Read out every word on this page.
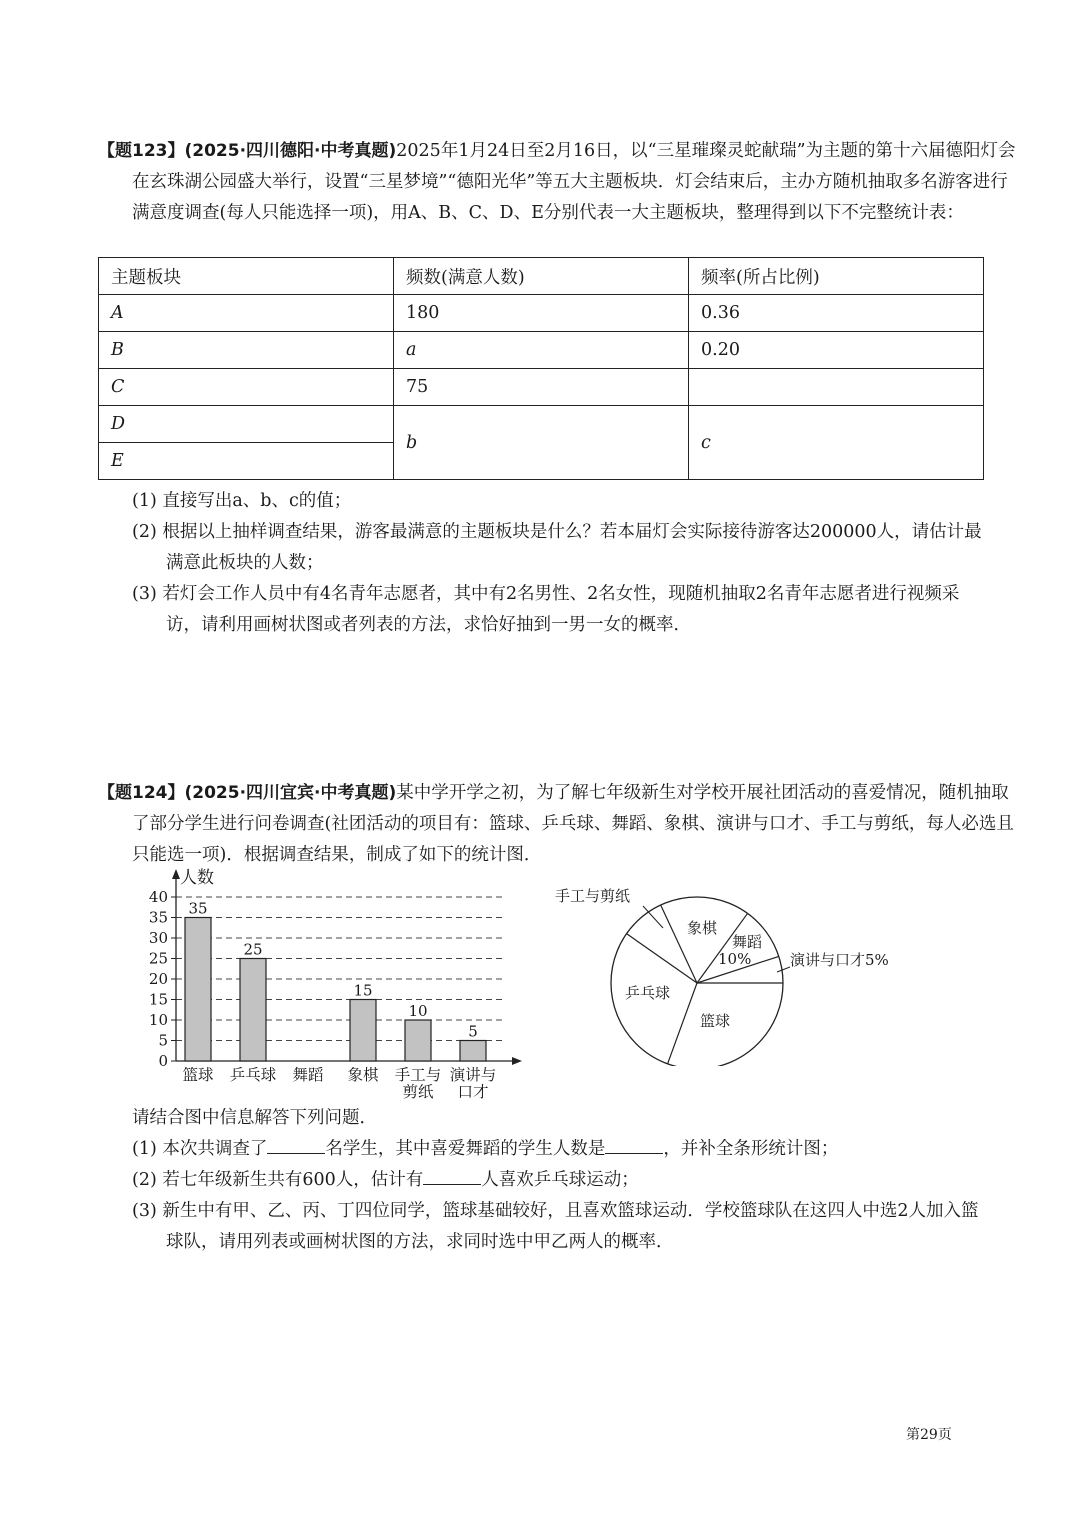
【题123】(2025·四川德阳·中考真题)2025年1月24日至2月16日，以“三星璀璨灵蛇献瑞”为主题的第十六届德阳灯会在玄珠湖公园盛大举行，设置“三星梦境”“德阳光华”等五大主题板块．灯会结束后，主办方随机抽取多名游客进行满意度调查(每人只能选择一项)，用A、B、C、D、E分别代表一大主题板块，整理得到以下不完整统计表：
主题板块	频数(满意人数)	频率(所占比例)
A	180	0.36
B	a	0.20
C	75	
D	b	c
E		
(1) 直接写出a、b、c的值；
(2) 根据以上抽样调查结果，游客最满意的主题板块是什么？若本届灯会实际接待游客达200000人，请估计最满意此板块的人数；
(3) 若灯会工作人员中有4名青年志愿者，其中有2名男性、2名女性，现随机抽取2名青年志愿者进行视频采访，请利用画树状图或者列表的方法，求恰好抽到一男一女的概率．
【题124】(2025·四川宜宾·中考真题)某中学开学之初，为了解七年级新生对学校开展社团活动的喜爱情况，随机抽取了部分学生进行问卷调查(社团活动的项目有：篮球、乒乓球、舞蹈、象棋、演讲与口才、手工与剪纸，每人必选且只能选一项)．根据调查结果，制成了如下的统计图．
0
5
10
15
20
25
30
35
40
人数
35
篮球
25
乒乓球 舞蹈
15
象棋
10
手工与
剪纸
5
演讲与
口才
手工与剪纸
象棋
舞蹈
10%	演讲与口才5%
乒乓球
篮球
请结合图中信息解答下列问题．
(1) 本次共调查了	名学生，其中喜爱舞蹈的学生人数是	，并补全条形统计图；
(2) 若七年级新生共有600人，估计有	人喜欢乒乓球运动；
(3) 新生中有甲、乙、丙、丁四位同学，篮球基础较好，且喜欢篮球运动．学校篮球队在这四人中选2人加入篮球队，请用列表或画树状图的方法，求同时选中甲乙两人的概率．
第29页
